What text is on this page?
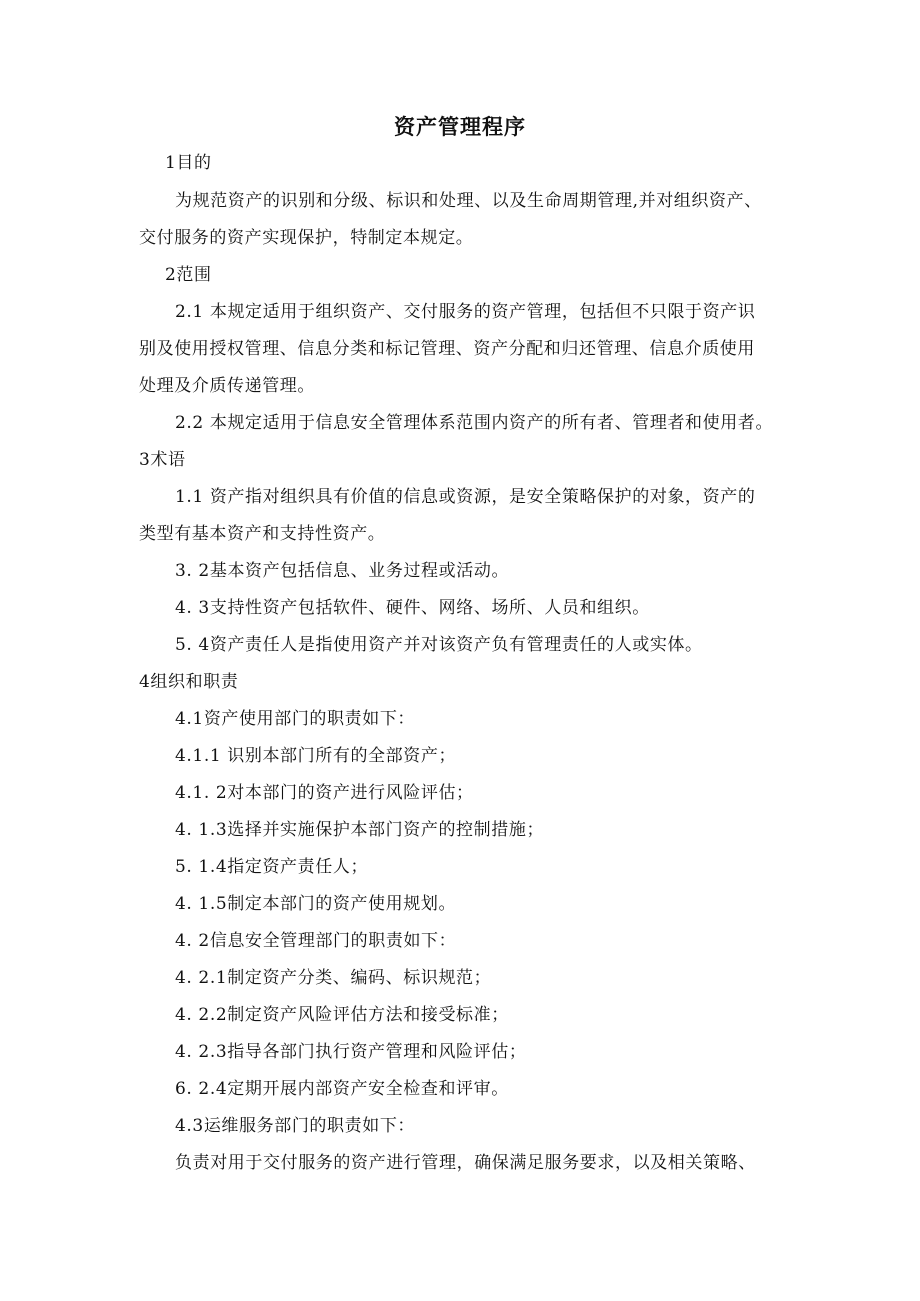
资产管理程序
1目的
为规范资产的识别和分级、标识和处理、以及生命周期管理,并对组织资产、
交付服务的资产实现保护，特制定本规定。
2范围
2.1 本规定适用于组织资产、交付服务的资产管理，包括但不只限于资产识
别及使用授权管理、信息分类和标记管理、资产分配和归还管理、信息介质使用
处理及介质传递管理。
2.2 本规定适用于信息安全管理体系范围内资产的所有者、管理者和使用者。
3术语
1.1 资产指对组织具有价值的信息或资源，是安全策略保护的对象，资产的
类型有基本资产和支持性资产。
3. 2基本资产包括信息、业务过程或活动。
4. 3支持性资产包括软件、硬件、网络、场所、人员和组织。
5. 4资产责任人是指使用资产并对该资产负有管理责任的人或实体。
4组织和职责
4.1资产使用部门的职责如下：
4.1.1 识别本部门所有的全部资产；
4.1. 2对本部门的资产进行风险评估；
4. 1.3选择并实施保护本部门资产的控制措施；
5. 1.4指定资产责任人；
4. 1.5制定本部门的资产使用规划。
4. 2信息安全管理部门的职责如下：
4. 2.1制定资产分类、编码、标识规范；
4. 2.2制定资产风险评估方法和接受标准；
4. 2.3指导各部门执行资产管理和风险评估；
6. 2.4定期开展内部资产安全检查和评审。
4.3运维服务部门的职责如下：
负责对用于交付服务的资产进行管理，确保满足服务要求，以及相关策略、
